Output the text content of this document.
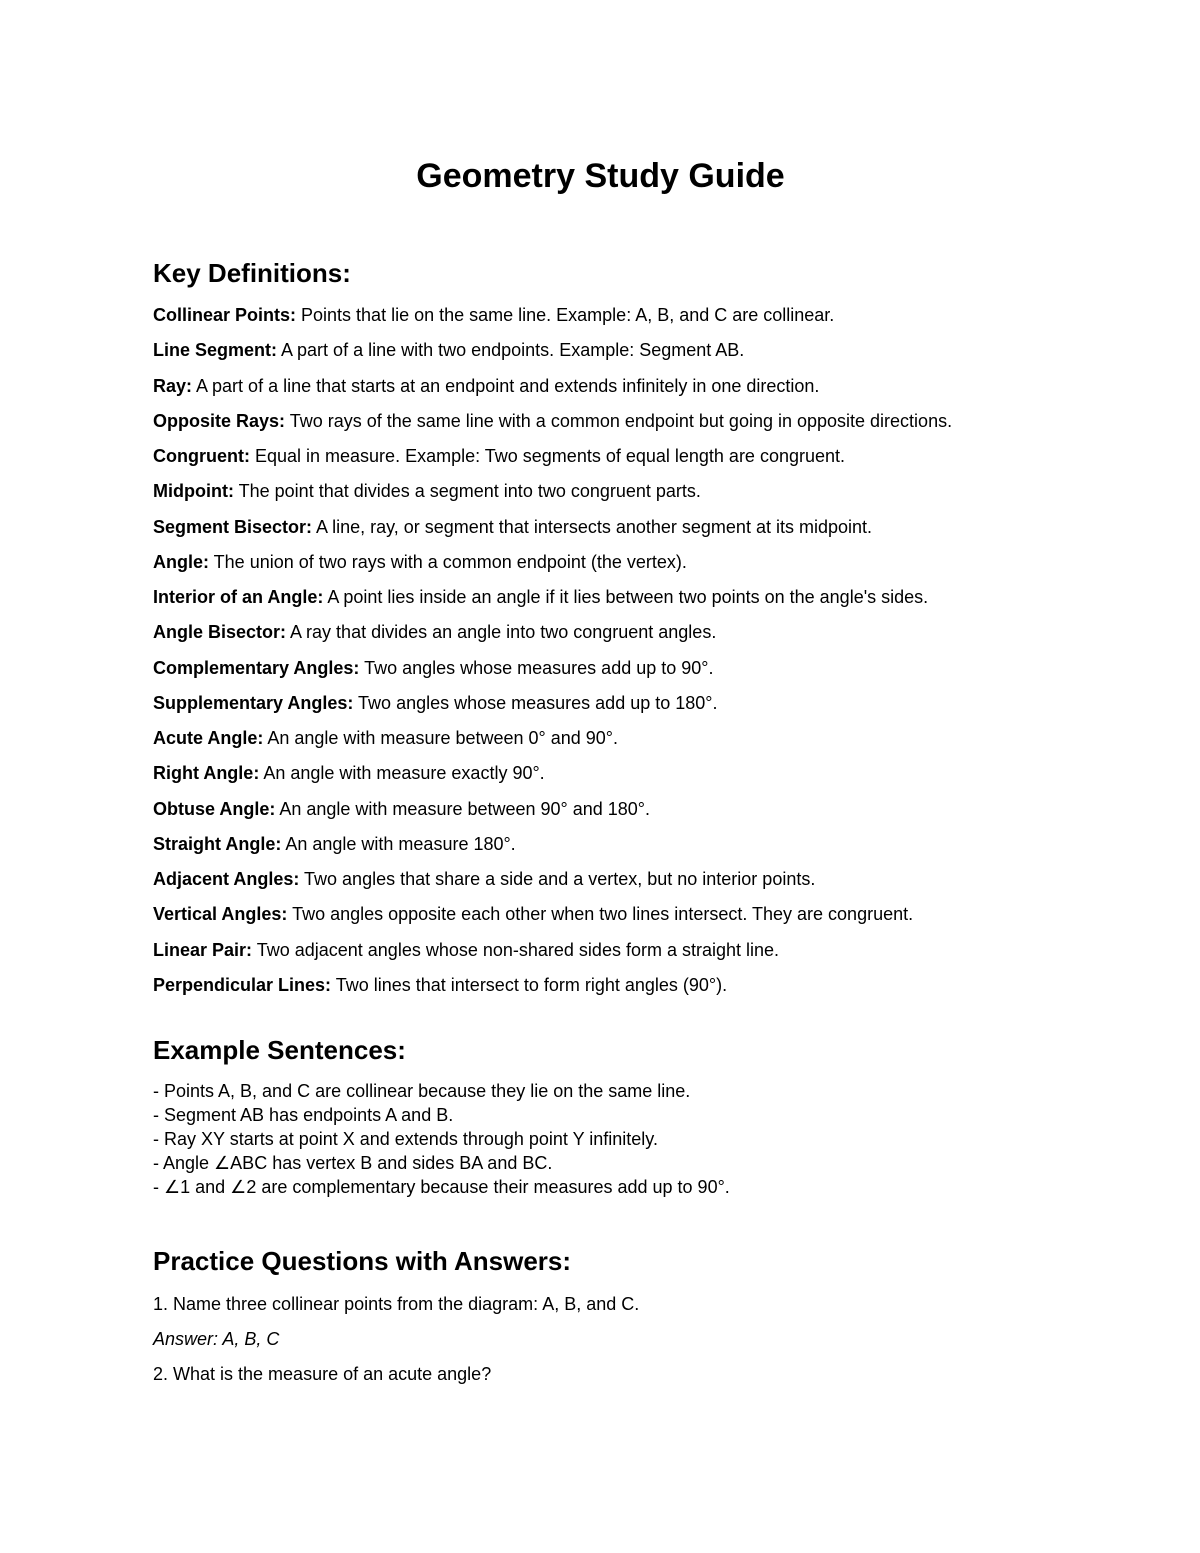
Geometry Study Guide
Key Definitions:
Collinear Points: Points that lie on the same line. Example: A, B, and C are collinear.
Line Segment: A part of a line with two endpoints. Example: Segment AB.
Ray: A part of a line that starts at an endpoint and extends infinitely in one direction.
Opposite Rays: Two rays of the same line with a common endpoint but going in opposite directions.
Congruent: Equal in measure. Example: Two segments of equal length are congruent.
Midpoint: The point that divides a segment into two congruent parts.
Segment Bisector: A line, ray, or segment that intersects another segment at its midpoint.
Angle: The union of two rays with a common endpoint (the vertex).
Interior of an Angle: A point lies inside an angle if it lies between two points on the angle's sides.
Angle Bisector: A ray that divides an angle into two congruent angles.
Complementary Angles: Two angles whose measures add up to 90°.
Supplementary Angles: Two angles whose measures add up to 180°.
Acute Angle: An angle with measure between 0° and 90°.
Right Angle: An angle with measure exactly 90°.
Obtuse Angle: An angle with measure between 90° and 180°.
Straight Angle: An angle with measure 180°.
Adjacent Angles: Two angles that share a side and a vertex, but no interior points.
Vertical Angles: Two angles opposite each other when two lines intersect. They are congruent.
Linear Pair: Two adjacent angles whose non-shared sides form a straight line.
Perpendicular Lines: Two lines that intersect to form right angles (90°).
Example Sentences:
- Points A, B, and C are collinear because they lie on the same line.
- Segment AB has endpoints A and B.
- Ray XY starts at point X and extends through point Y infinitely.
- Angle ∠ABC has vertex B and sides BA and BC.
- ∠1 and ∠2 are complementary because their measures add up to 90°.
Practice Questions with Answers:

1. Name three collinear points from the diagram: A, B, and C.

Answer: A, B, C

2. What is the measure of an acute angle?
